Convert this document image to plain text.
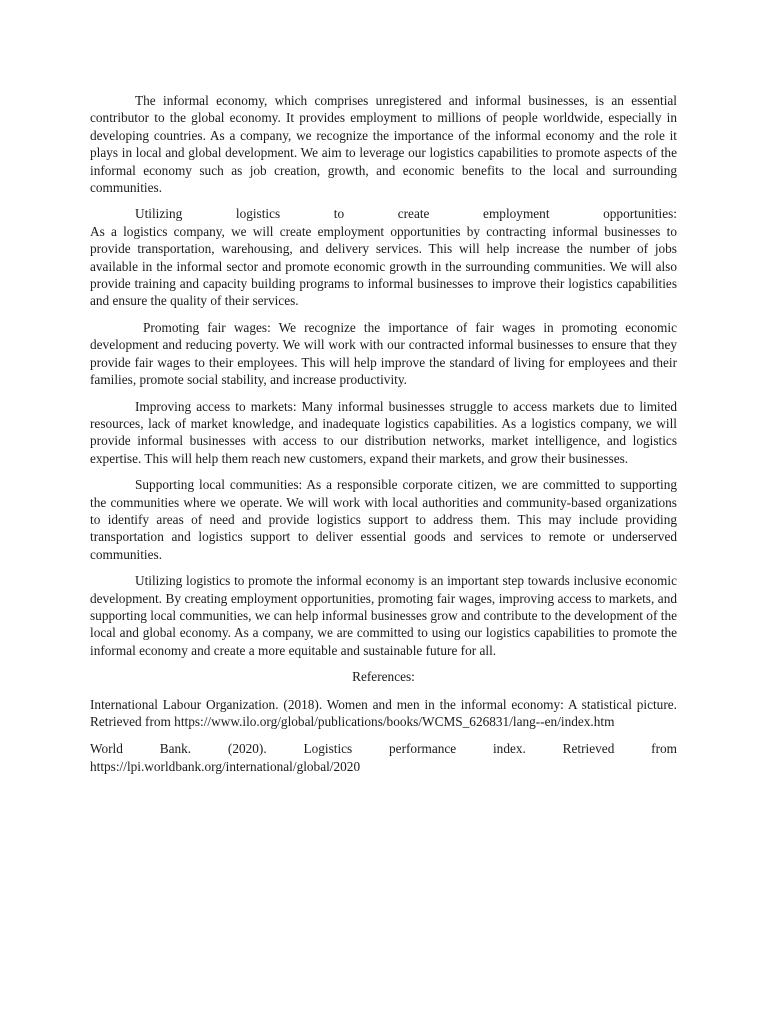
The informal economy, which comprises unregistered and informal businesses, is an essential contributor to the global economy. It provides employment to millions of people worldwide, especially in developing countries. As a company, we recognize the importance of the informal economy and the role it plays in local and global development. We aim to leverage our logistics capabilities to promote aspects of the informal economy such as job creation, growth, and economic benefits to the local and surrounding communities.

Utilizing logistics to create employment opportunities:

As a logistics company, we will create employment opportunities by contracting informal businesses to provide transportation, warehousing, and delivery services. This will help increase the number of jobs available in the informal sector and promote economic growth in the surrounding communities. We will also provide training and capacity building programs to informal businesses to improve their logistics capabilities and ensure the quality of their services.

Promoting fair wages: We recognize the importance of fair wages in promoting economic development and reducing poverty. We will work with our contracted informal businesses to ensure that they provide fair wages to their employees. This will help improve the standard of living for employees and their families, promote social stability, and increase productivity.

Improving access to markets: Many informal businesses struggle to access markets due to limited resources, lack of market knowledge, and inadequate logistics capabilities. As a logistics company, we will provide informal businesses with access to our distribution networks, market intelligence, and logistics expertise. This will help them reach new customers, expand their markets, and grow their businesses.

Supporting local communities: As a responsible corporate citizen, we are committed to supporting the communities where we operate. We will work with local authorities and community-based organizations to identify areas of need and provide logistics support to address them. This may include providing transportation and logistics support to deliver essential goods and services to remote or underserved communities.

Utilizing logistics to promote the informal economy is an important step towards inclusive economic development. By creating employment opportunities, promoting fair wages, improving access to markets, and supporting local communities, we can help informal businesses grow and contribute to the development of the local and global economy. As a company, we are committed to using our logistics capabilities to promote the informal economy and create a more equitable and sustainable future for all.

References:

International Labour Organization. (2018). Women and men in the informal economy: A statistical picture. Retrieved from https://www.ilo.org/global/publications/books/WCMS_626831/lang--en/index.htm

World Bank. (2020). Logistics performance index. Retrieved from https://lpi.worldbank.org/international/global/2020
